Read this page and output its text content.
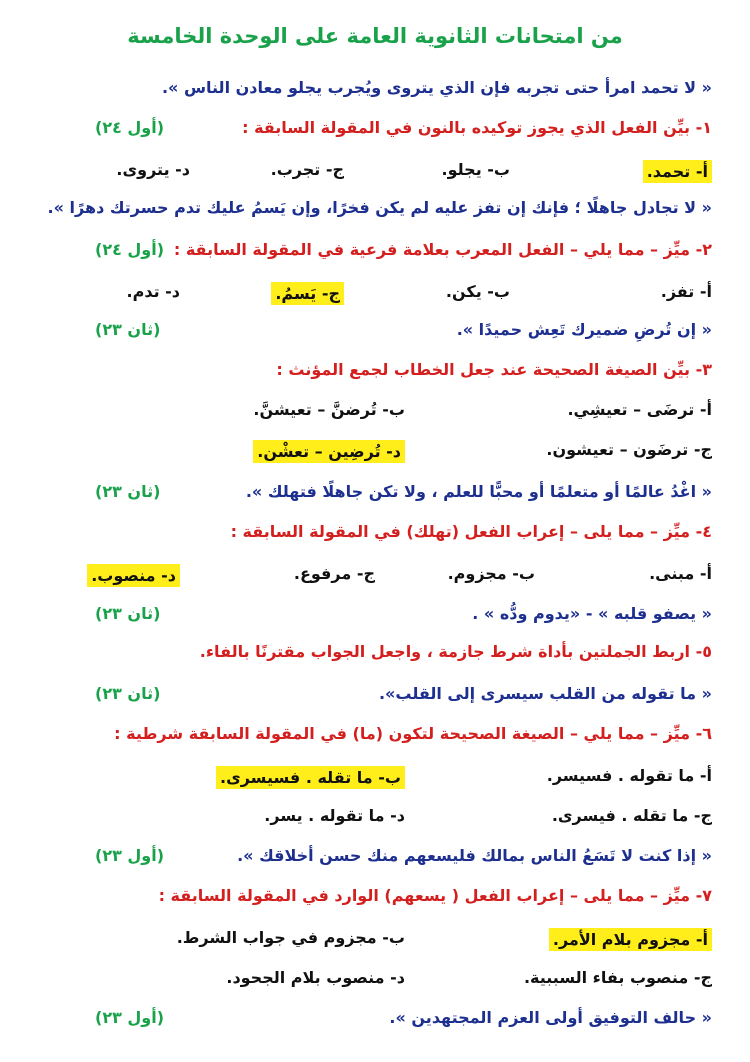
من امتحانات الثانوية العامة على الوحدة الخامسة
« لا تحمد امرأ حتى تجربه فإن الذي يتروى ويُجرب يجلو معادن الناس ».
١- بيِّن الفعل الذي يجوز توكيده بالنون في المقولة السابقة :
(أول ٢٤)
أ- تحمد.
ب- يجلو.
ج- تجرب.
د- يتروى.
« لا تجادل جاهلًا ؛ فإنك إن تفز عليه لم يكن فخرًا، وإن يَسمُ عليك تدم حسرتك دهرًا ».
٢- ميِّز – مما يلي – الفعل المعرب بعلامة فرعية في المقولة السابقة :
(أول ٢٤)
أ- تفز.
ب- يكن.
ج- يَسمُ.
د- تدم.
« إن تُرضِ ضميرك تَعِش حميدًا ».
(ثان ٢٣)
٣- بيِّن الصيغة الصحيحة عند جعل الخطاب لجمع المؤنث :
أ- ترضَى – تعيشِي.
ب- تُرضنَّ – تعيشنَّ.
ج- ترضَون – تعيشون.
د- تُرضِين – تعشْن.
« اغْدُ عالمًا أو متعلمًا أو محبًّا للعلم ، ولا تكن جاهلًا فتهلك ».
(ثان ٢٣)
٤- ميِّز – مما يلى – إعراب الفعل (تهلك) في المقولة السابقة :
أ- مبنى.
ب- مجزوم.
ج- مرفوع.
د- منصوب.
« يصفو قلبه » - «يدوم ودُّه » .
(ثان ٢٣)
٥- اربط الجملتين بأداة شرط جازمة ، واجعل الجواب مقترنًا بالفاء.
« ما تقوله من القلب سيسرى إلى القلب».
(ثان ٢٣)
٦- ميِّز – مما يلي – الصيغة الصحيحة لتكون (ما) في المقولة السابقة شرطية :
أ- ما تقوله . فسيسر.
ب- ما تقله . فسيسرى.
ج- ما تقله . فيسرى.
د- ما تقوله . يسر.
« إذا كنت لا تَسَعُ الناس بمالك فليسعهم منك حسن أخلاقك ».
(أول ٢٣)
٧- ميِّز – مما يلى – إعراب الفعل ( يسعهم) الوارد في المقولة السابقة :
أ- مجزوم بلام الأمر.
ب- مجزوم في جواب الشرط.
ج- منصوب بفاء السببية.
د- منصوب بلام الجحود.
« حالف التوفيق أولى العزم المجتهدين ».
(أول ٢٣)
